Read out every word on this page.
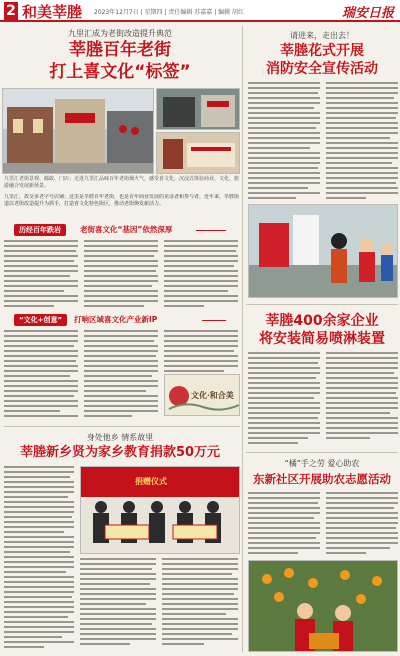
2 和美莘塍 2023年12月7日 | 星期四 | 责任编辑 苏嘉嘉 | 编辑 胡红	瑞安日报
九里汇成为老街改造提升典范
莘塍百年老街
打上喜文化“标签”
九里汇老街景观、邮政、门店；走进九里汇品味百年老街烟火气，感受喜文化，沉浸式体验商业、文化、旅游融合发展新场景。
九里汇，故交多老字号店铺；这里是莘塍百年老街，也是百年商业发展的见证者和参与者。近年来，莘塍街道以老街改造提升为抓手，打造喜文化特色街区，推动老街焕发新活力。
历经百年跌岩	老街喜文化“基因”依然深厚
“文化+创意”	打响区域喜文化产业新IP
文化·和合美
身处他乡 情系故里
莘塍新乡贤为家乡教育捐款50万元
捐赠仪式
请进来，走出去！
莘塍花式开展
消防安全宣传活动
莘塍400余家企业
将安装简易喷淋装置
“橘”手之劳 爱心助农
东新社区开展助农志愿活动
